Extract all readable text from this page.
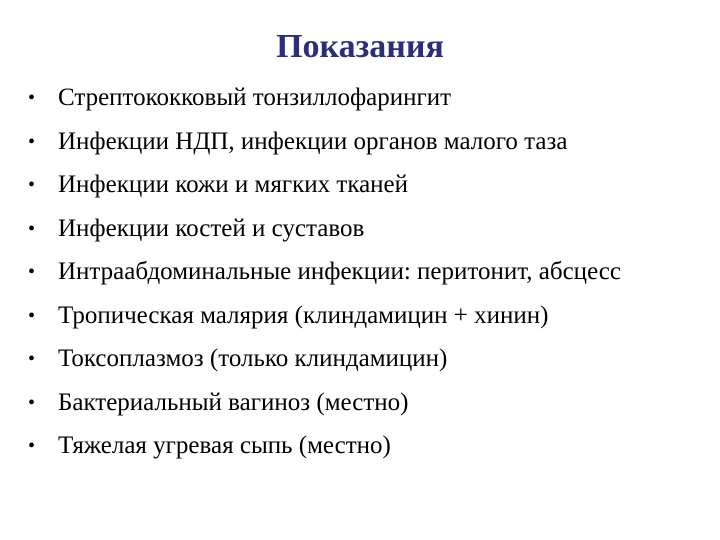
Показания
• Стрептококковый тонзиллофарингит
• Инфекции НДП, инфекции органов малого таза
• Инфекции кожи и мягких тканей
• Инфекции костей и суставов
• Интраабдоминальные инфекции: перитонит, абсцесс
• Тропическая малярия (клиндамицин + хинин)
• Токсоплазмоз (только клиндамицин)
• Бактериальный вагиноз (местно)
• Тяжелая угревая сыпь (местно)
